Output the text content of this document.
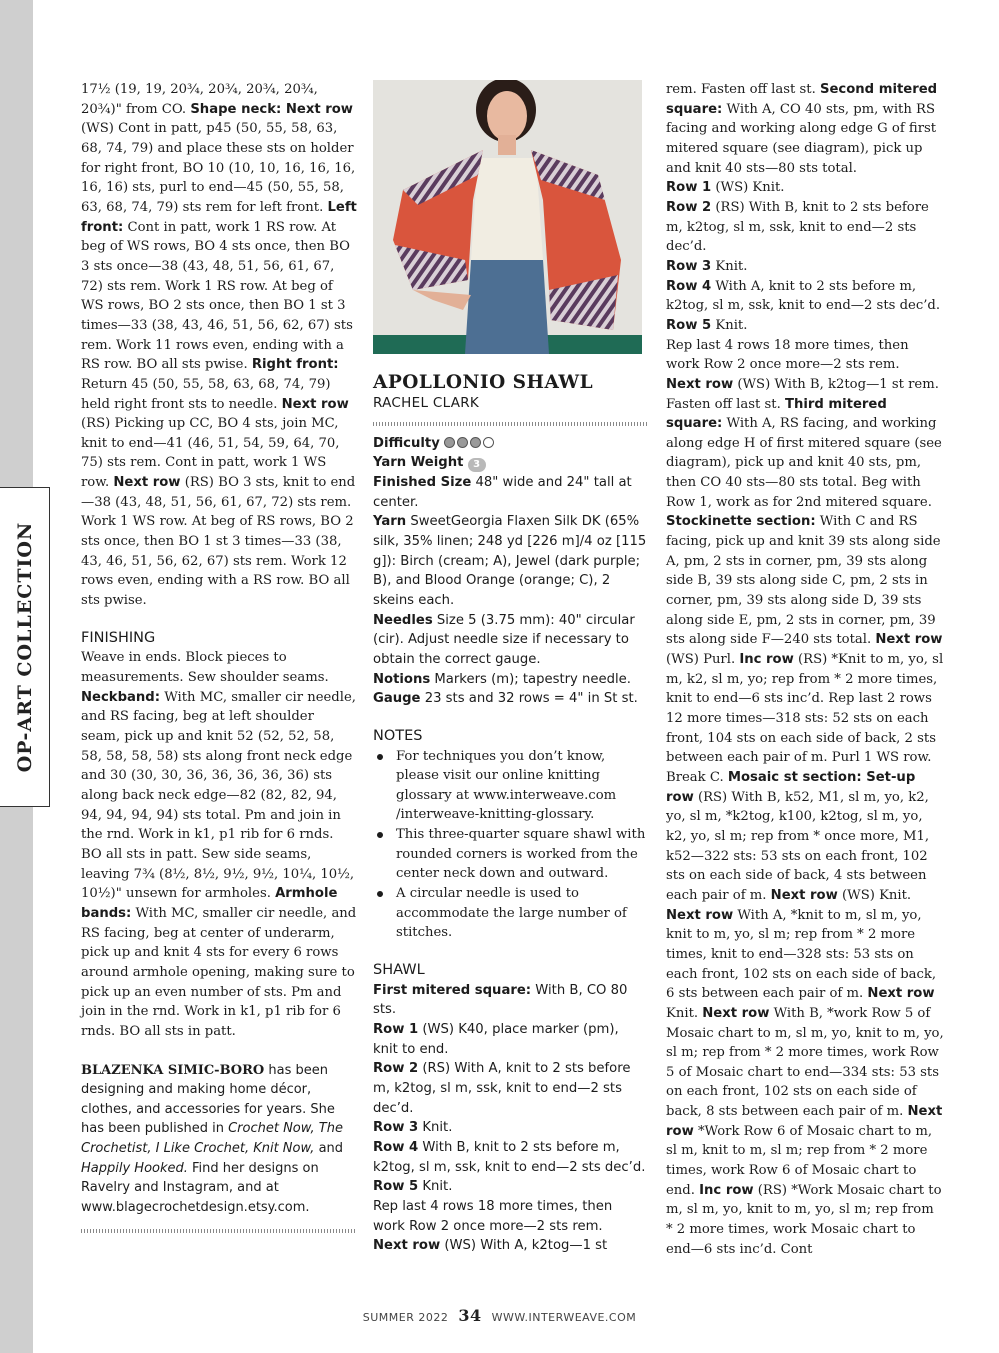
OP-ART COLLECTION

17½ (19, 19, 20¾, 20¾, 20¾, 20¾, 20¾)" from CO. Shape neck: Next row (WS) Cont in patt, p45 (50, 55, 58, 63, 68, 74, 79) and place these sts on holder for right front, BO 10 (10, 10, 16, 16, 16, 16, 16) sts, purl to end—45 (50, 55, 58, 63, 68, 74, 79) sts rem for left front. Left front: Cont in patt, work 1 RS row. At beg of WS rows, BO 4 sts once, then BO 3 sts once—38 (43, 48, 51, 56, 61, 67, 72) sts rem. Work 1 RS row. At beg of WS rows, BO 2 sts once, then BO 1 st 3 times—33 (38, 43, 46, 51, 56, 62, 67) sts rem. Work 11 rows even, ending with a RS row. BO all sts pwise. Right front: Return 45 (50, 55, 58, 63, 68, 74, 79) held right front sts to needle. Next row (RS) Picking up CC, BO 4 sts, join MC, knit to end—41 (46, 51, 54, 59, 64, 70, 75) sts rem. Cont in patt, work 1 WS row. Next row (RS) BO 3 sts, knit to end—38 (43, 48, 51, 56, 61, 67, 72) sts rem. Work 1 WS row. At beg of RS rows, BO 2 sts once, then BO 1 st 3 times—33 (38, 43, 46, 51, 56, 62, 67) sts rem. Work 12 rows even, ending with a RS row. BO all sts pwise.

FINISHING

Weave in ends. Block pieces to measurements. Sew shoulder seams. Neckband: With MC, smaller cir needle, and RS facing, beg at left shoulder seam, pick up and knit 52 (52, 52, 58, 58, 58, 58, 58) sts along front neck edge and 30 (30, 30, 36, 36, 36, 36, 36) sts along back neck edge—82 (82, 82, 94, 94, 94, 94, 94) sts total. Pm and join in the rnd. Work in k1, p1 rib for 6 rnds. BO all sts in patt. Sew side seams, leaving 7¾ (8½, 8½, 9½, 9½, 10¼, 10½, 10½)" unsewn for armholes. Armhole bands: With MC, smaller cir needle, and RS facing, beg at center of underarm, pick up and knit 4 sts for every 6 rows around armhole opening, making sure to pick up an even number of sts. Pm and join in the rnd. Work in k1, p1 rib for 6 rnds. BO all sts in patt.

BLAZENKA SIMIC-BORO has been designing and making home décor, clothes, and accessories for years. She has been published in Crochet Now, The Crochetist, I Like Crochet, Knit Now, and Happily Hooked. Find her designs on Ravelry and Instagram, and at www.blagecrochetdesign.etsy.com.

APOLLONIO SHAWL

RACHEL CLARK

Difficulty

Yarn Weight 3

Finished Size 48" wide and 24" tall at center.

Yarn SweetGeorgia Flaxen Silk DK (65% silk, 35% linen; 248 yd [226 m]/4 oz [115 g]): Birch (cream; A), Jewel (dark purple; B), and Blood Orange (orange; C), 2 skeins each.

Needles Size 5 (3.75 mm): 40" circular (cir). Adjust needle size if necessary to obtain the correct gauge.

Notions Markers (m); tapestry needle.

Gauge 23 sts and 32 rows = 4" in St st.

NOTES

For techniques you don’t know, please visit our online knitting glossary at www.interweave.com /interweave-knitting-glossary.
This three-quarter square shawl with rounded corners is worked from the center neck down and outward.
A circular needle is used to accommodate the large number of stitches.

SHAWL

First mitered square: With B, CO 80 sts.

Row 1 (WS) K40, place marker (pm), knit to end.

Row 2 (RS) With A, knit to 2 sts before m, k2tog, sl m, ssk, knit to end—2 sts dec’d.

Row 3 Knit.

Row 4 With B, knit to 2 sts before m, k2tog, sl m, ssk, knit to end—2 sts dec’d.

Row 5 Knit.

Rep last 4 rows 18 more times, then work Row 2 once more—2 sts rem.

Next row (WS) With A, k2tog—1 st

rem. Fasten off last st. Second mitered square: With A, CO 40 sts, pm, with RS facing and working along edge G of first mitered square (see diagram), pick up and knit 40 sts—80 sts total.

Row 1 (WS) Knit.

Row 2 (RS) With B, knit to 2 sts before m, k2tog, sl m, ssk, knit to end—2 sts dec’d.

Row 3 Knit.

Row 4 With A, knit to 2 sts before m, k2tog, sl m, ssk, knit to end—2 sts dec’d.

Row 5 Knit.

Rep last 4 rows 18 more times, then work Row 2 once more—2 sts rem.

Next row (WS) With B, k2tog—1 st rem. Fasten off last st. Third mitered square: With A, RS facing, and working along edge H of first mitered square (see diagram), pick up and knit 40 sts, pm, then CO 40 sts—80 sts total. Beg with Row 1, work as for 2nd mitered square.

Stockinette section: With C and RS facing, pick up and knit 39 sts along side A, pm, 2 sts in corner, pm, 39 sts along side B, 39 sts along side C, pm, 2 sts in corner, pm, 39 sts along side D, 39 sts along side E, pm, 2 sts in corner, pm, 39 sts along side F—240 sts total. Next row (WS) Purl. Inc row (RS) *Knit to m, yo, sl m, k2, sl m, yo; rep from * 2 more times, knit to end—6 sts inc’d. Rep last 2 rows 12 more times—318 sts: 52 sts on each front, 104 sts on each side of back, 2 sts between each pair of m. Purl 1 WS row. Break C. Mosaic st section: Set-up row (RS) With B, k52, M1, sl m, yo, k2, yo, sl m, *k2tog, k100, k2tog, sl m, yo, k2, yo, sl m; rep from * once more, M1, k52—322 sts: 53 sts on each front, 102 sts on each side of back, 4 sts between each pair of m. Next row (WS) Knit. Next row With A, *knit to m, sl m, yo, knit to m, yo, sl m; rep from * 2 more times, knit to end—328 sts: 53 sts on each front, 102 sts on each side of back, 6 sts between each pair of m. Next row Knit. Next row With B, *work Row 5 of Mosaic chart to m, sl m, yo, knit to m, yo, sl m; rep from * 2 more times, work Row 5 of Mosaic chart to end—334 sts: 53 sts on each front, 102 sts on each side of back, 8 sts between each pair of m. Next row *Work Row 6 of Mosaic chart to m, sl m, knit to m, sl m; rep from * 2 more times, work Row 6 of Mosaic chart to end. Inc row (RS) *Work Mosaic chart to m, sl m, yo, knit to m, yo, sl m; rep from * 2 more times, work Mosaic chart to end—6 sts inc’d. Cont

SUMMER 2022 34 WWW.INTERWEAVE.COM
